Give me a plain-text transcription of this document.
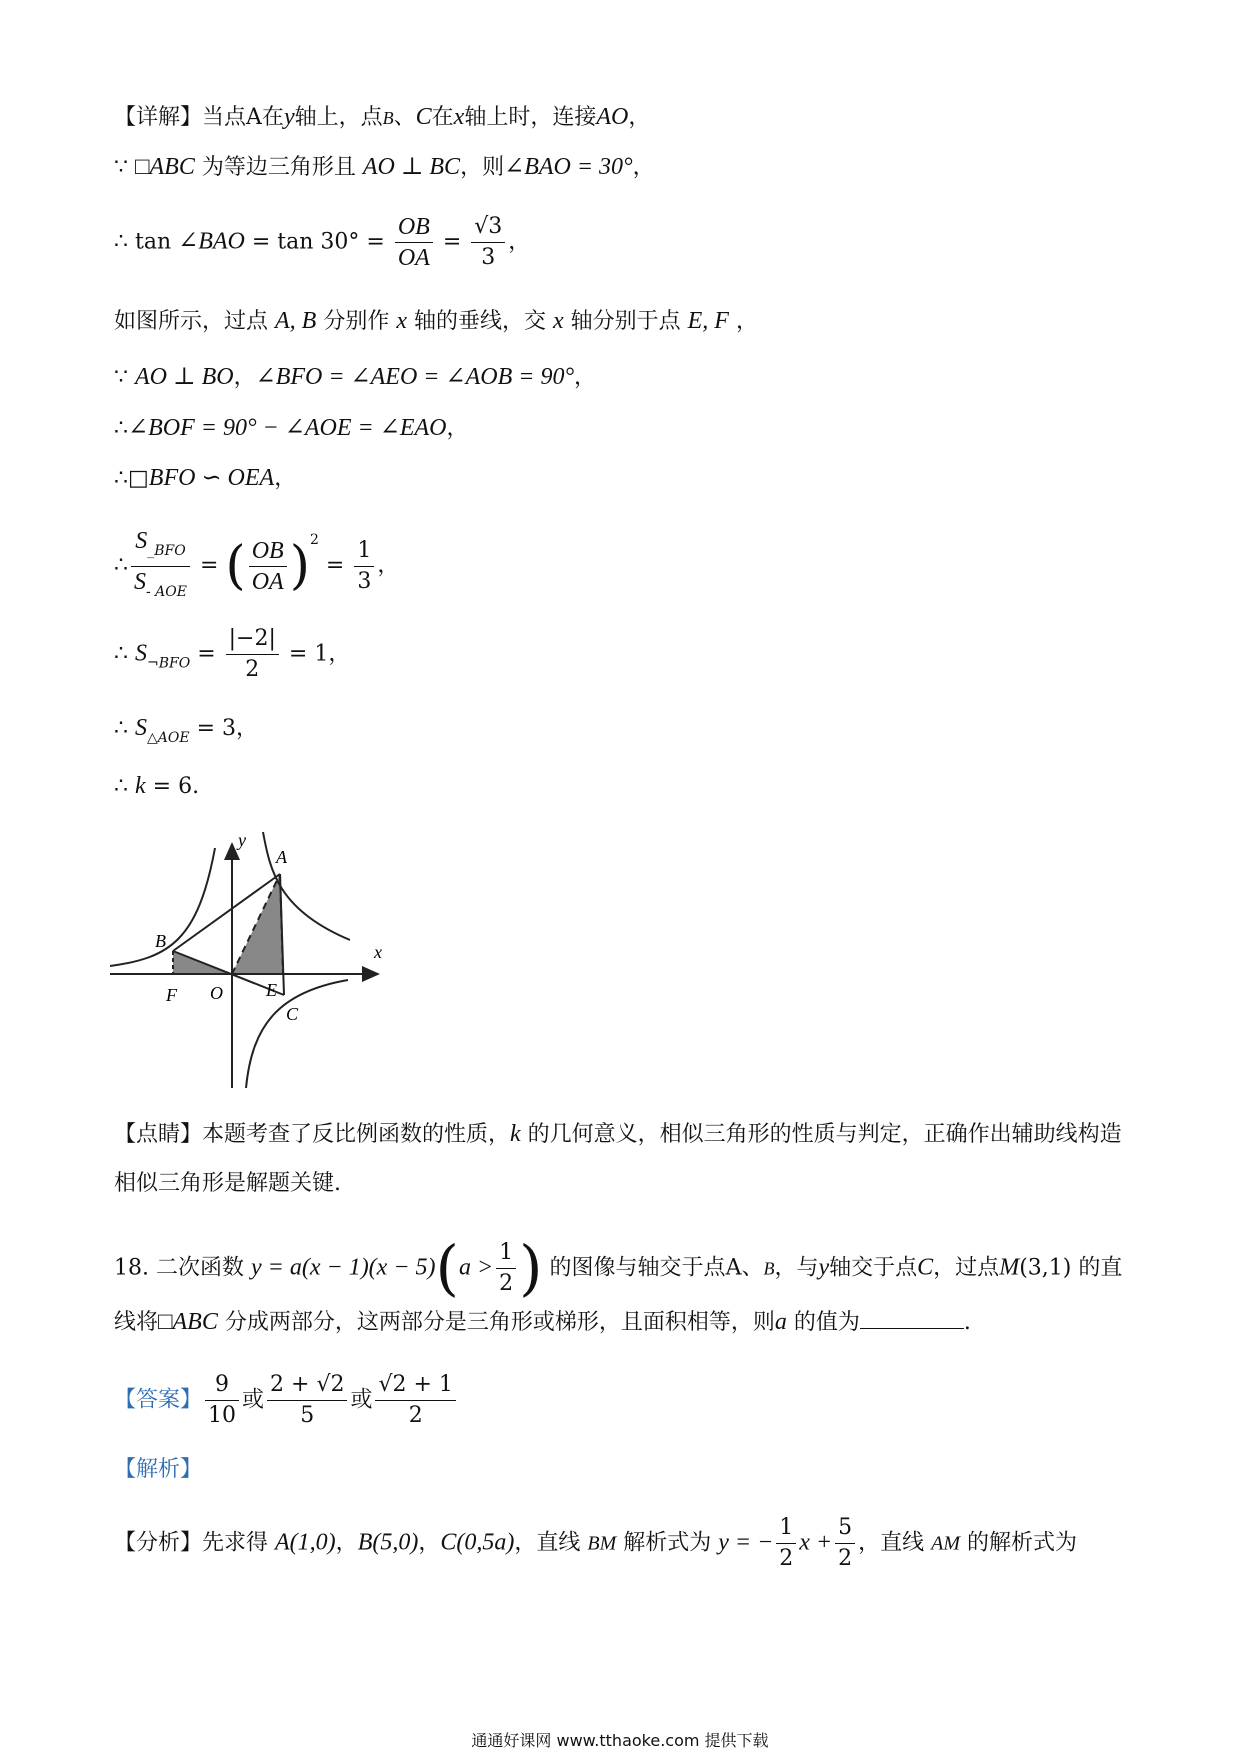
【详解】当点A在y轴上，点B、C在x轴上时，连接AO，
∵ □ABC 为等边三角形且 AO ⊥ BC，则∠BAO = 30°，
∴ tan ∠BAO = $\tan 30^\circ = \frac{OB}{OA} = \frac{√3}{3}$ ，
如图所示，过点 A, B 分别作 x 轴的垂线，交 x 轴分别于点 E, F ，
∵ AO ⊥ BO，∠BFO = ∠AEO = ∠AOB = 90°，
∴∠BOF = 90° − ∠AOE = ∠EAO，
∴□BFO ∽ OEA，
∴ $\frac{S_{\_BFO}}{S_{- AOE}}$ = ( $\frac{OB}{OA} )^2 = \frac{1}{3}$ ，
∴ $S_{\neg BFO} = \frac{|-2|}{2} = 1$，
∴ $S_{\triangle AOE} = 3$，
∴ k = 6.
y
x
A
B
C
E
F O
【点睛】本题考查了反比例函数的性质，k 的几何意义，相似三角形的性质与判定，正确作出辅助线构造
相似三角形是解题关键.
18. 二次函数 $y = a(x - 1)(x - 5)(a > \frac{1}{2}$ ) 的图像与轴交于点A、B，与y轴交于点C，过点M(3,1) 的直
线将□ABC 分成两部分，这两部分是三角形或梯形，且面积相等，则a 的值为	.
【答案】 $\frac{9}{10}$ 或 $\frac{2 + √2}{5}$ 或 $\frac{√2 + 1}{2}$
【解析】
【分析】先求得 A(1,0)，B(5,0)，C(0,5a)，直线 BM 解析式为 y = − $\frac{1}{2}$ $x + \frac{5}{2}$ ，直线 AM 的解析式为
通通好课网 www.tthaoke.com 提供下载
